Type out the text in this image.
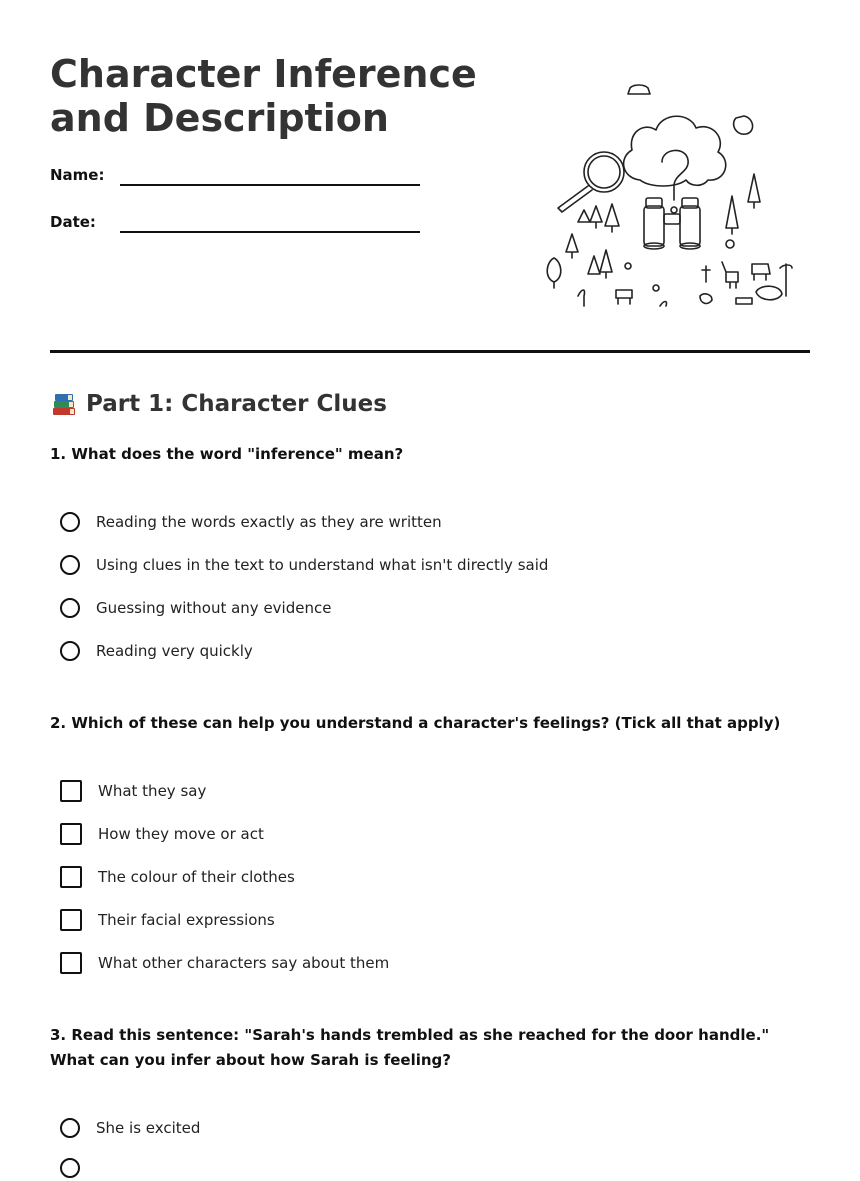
Character Inference and Description
Name:
Date:
Part 1: Character Clues

1. What does the word "inference" mean?

Reading the words exactly as they are written
Using clues in the text to understand what isn't directly said
Guessing without any evidence
Reading very quickly

2. Which of these can help you understand a character's feelings? (Tick all that apply)

What they say
How they move or act
The colour of their clothes
Their facial expressions
What other characters say about them

3. Read this sentence: "Sarah's hands trembled as she reached for the door handle." What can you infer about how Sarah is feeling?

She is excited
